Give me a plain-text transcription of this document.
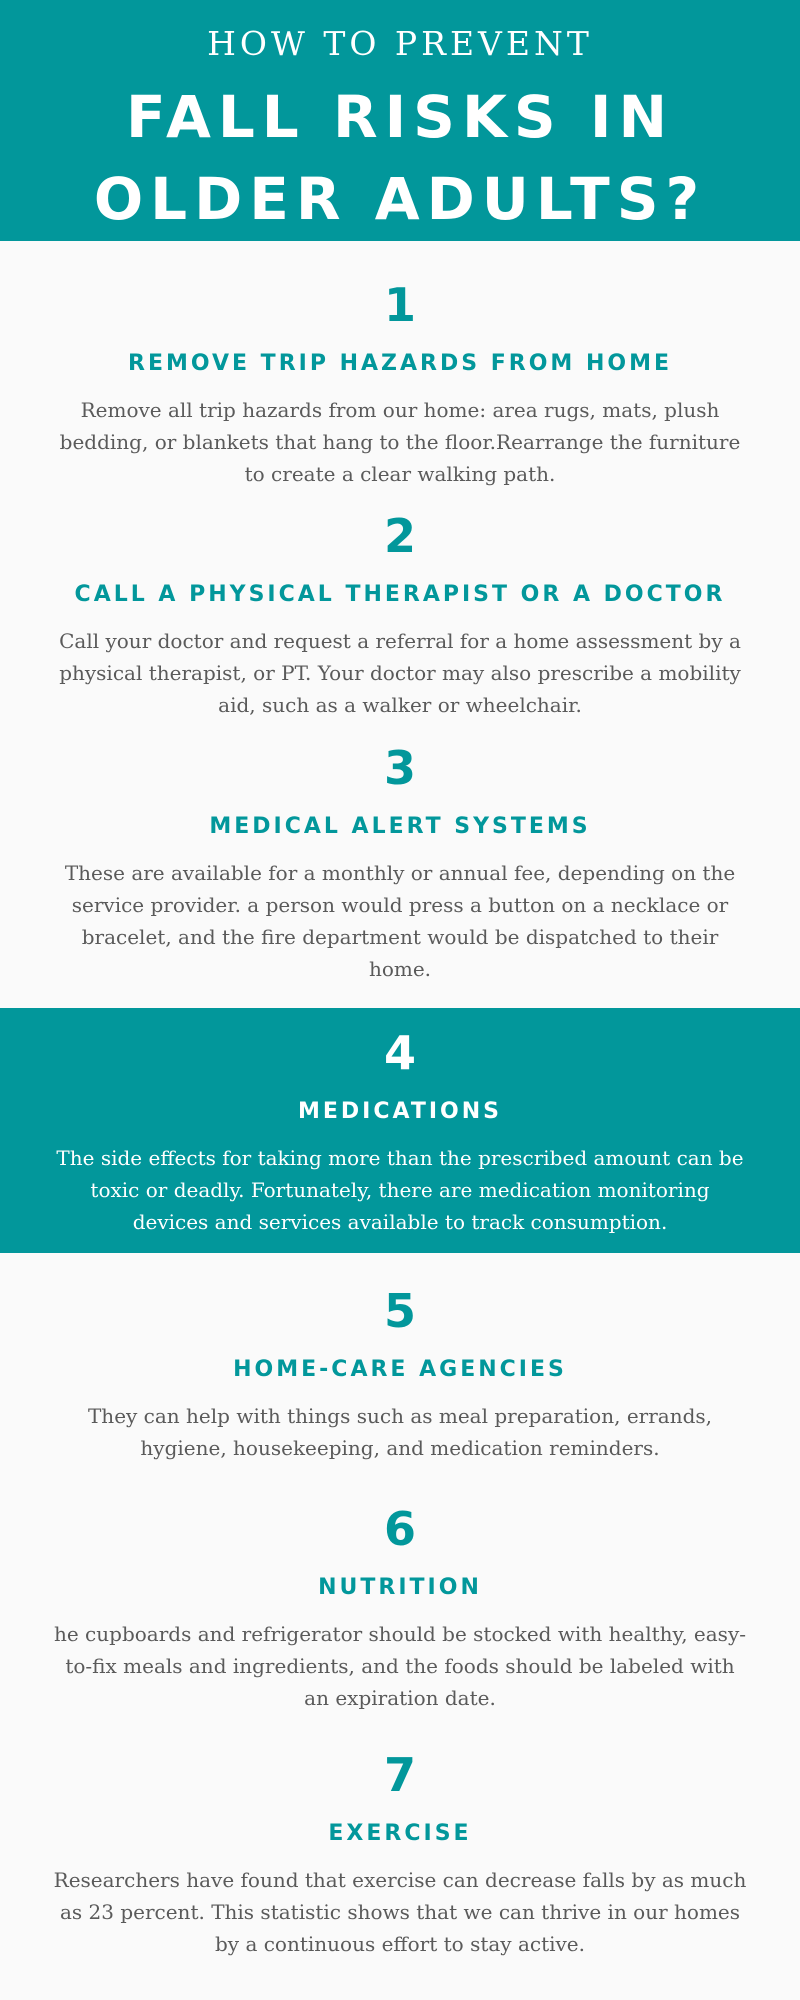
HOW TO PREVENT
FALL RISKS IN
OLDER ADULTS?
1
REMOVE TRIP HAZARDS FROM HOME
Remove all trip hazards from our home: area rugs, mats, plush
bedding, or blankets that hang to the floor.Rearrange the furniture
to create a clear walking path.
2
CALL A PHYSICAL THERAPIST OR A DOCTOR
Call your doctor and request a referral for a home assessment by a
physical therapist, or PT. Your doctor may also prescribe a mobility
aid, such as a walker or wheelchair.
3
MEDICAL ALERT SYSTEMS
These are available for a monthly or annual fee, depending on the
service provider. a person would press a button on a necklace or
bracelet, and the fire department would be dispatched to their
home.
4
MEDICATIONS
The side effects for taking more than the prescribed amount can be
toxic or deadly. Fortunately, there are medication monitoring
devices and services available to track consumption.
5
HOME-CARE AGENCIES
They can help with things such as meal preparation, errands,
hygiene, housekeeping, and medication reminders.
6
NUTRITION
he cupboards and refrigerator should be stocked with healthy, easy-
to-fix meals and ingredients, and the foods should be labeled with
an expiration date.
7
EXERCISE
Researchers have found that exercise can decrease falls by as much
as 23 percent. This statistic shows that we can thrive in our homes
by a continuous effort to stay active.
